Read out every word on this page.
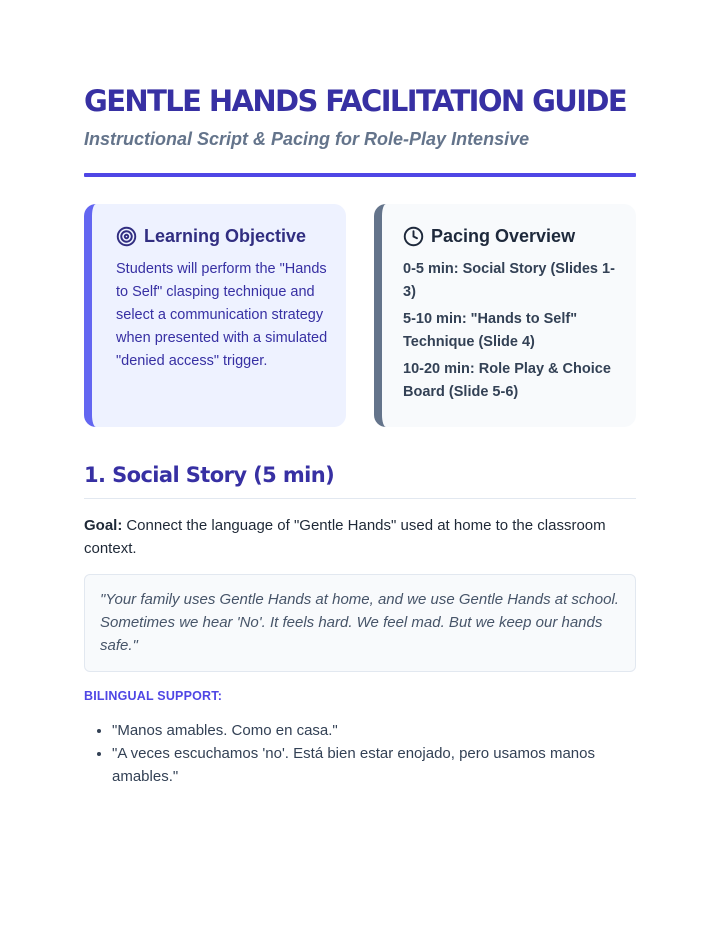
GENTLE HANDS FACILITATION GUIDE
Instructional Script & Pacing for Role-Play Intensive
Learning Objective

Students will perform the "Hands to Self" clasping technique and select a communication strategy when presented with a simulated "denied access" trigger.

Pacing Overview
0-5 min: Social Story (Slides 1-3)
5-10 min: "Hands to Self" Technique (Slide 4)
10-20 min: Role Play & Choice Board (Slide 5-6)
1. Social Story (5 min)

Goal: Connect the language of "Gentle Hands" used at home to the classroom context.

"Your family uses Gentle Hands at home, and we use Gentle Hands at school. Sometimes we hear 'No'. It feels hard. We feel mad. But we keep our hands safe."
BILINGUAL SUPPORT:
• "Manos amables. Como en casa."
• "A veces escuchamos 'no'. Está bien estar enojado, pero usamos manos amables."
